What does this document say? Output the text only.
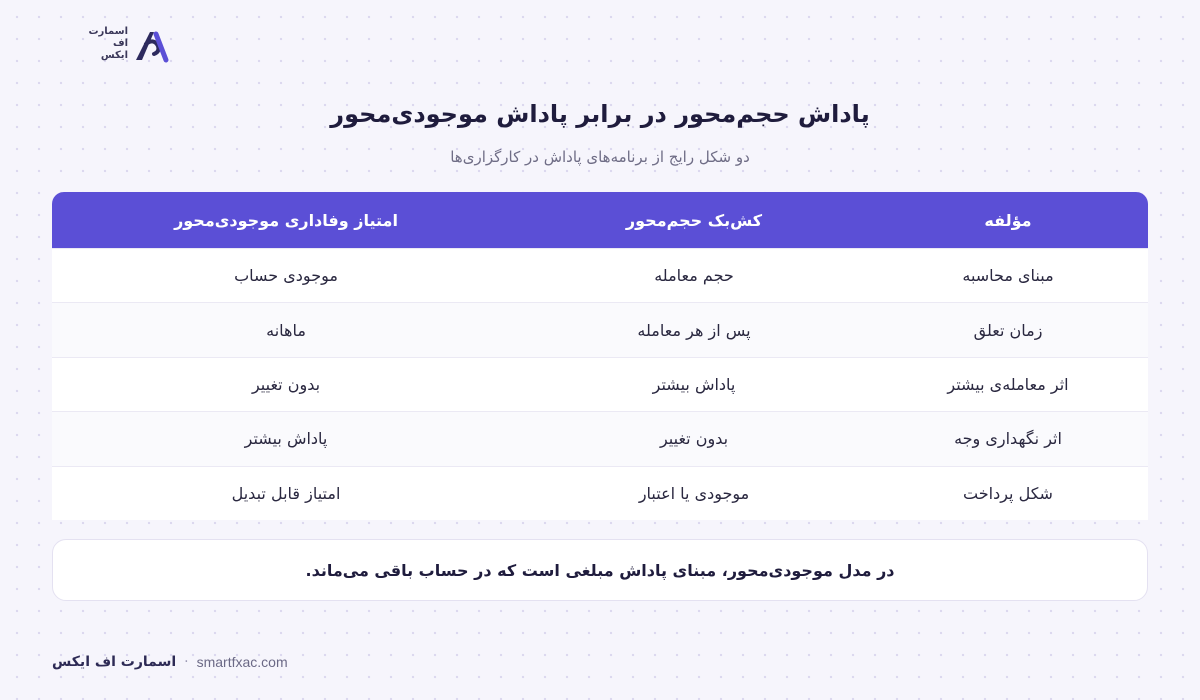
اسمارت
اف
ایکس
پاداش حجم‌محور در برابر پاداش موجودی‌محور
دو شکل رایج از برنامه‌های پاداش در کارگزاری‌ها
مؤلفه
کش‌بک حجم‌محور
امتیاز وفاداری موجودی‌محور
مبنای محاسبه
حجم معامله
موجودی حساب
زمان تعلق
پس از هر معامله
ماهانه
اثر معامله‌ی بیشتر
پاداش بیشتر
بدون تغییر
اثر نگهداری وجه
بدون تغییر
پاداش بیشتر
شکل پرداخت
موجودی یا اعتبار
امتیاز قابل تبدیل
در مدل موجودی‌محور، مبنای پاداش مبلغی است که در حساب باقی می‌ماند.
اسمارت اف ایکس · smartfxac.com
